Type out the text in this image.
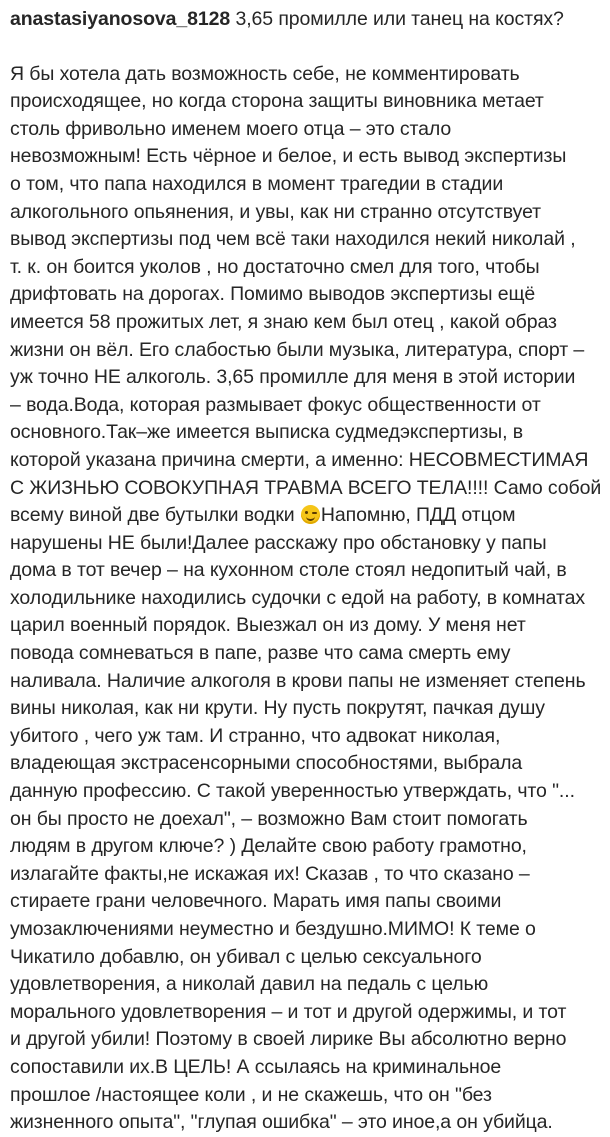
anastasiyanosova_8128 3,65 промилле или танец на костях?
Я бы хотела дать возможность себе, не комментировать
происходящее, но когда сторона защиты виновника метает
столь фривольно именем моего отца – это стало
невозможным! Есть чёрное и белое, и есть вывод экспертизы
о том, что папа находился в момент трагедии в стадии
алкогольного опьянения, и увы, как ни странно отсутствует
вывод экспертизы под чем всё таки находился некий николай ,
т. к. он боится уколов , но достаточно смел для того, чтобы
дрифтовать на дорогах. Помимо выводов экспертизы ещё
имеется 58 прожитых лет, я знаю кем был отец , какой образ
жизни он вёл. Его слабостью были музыка, литература, спорт –
уж точно НЕ алкоголь. 3,65 промилле для меня в этой истории
– вода.Вода, которая размывает фокус общественности от
основного.Так–же имеется выписка судмедэкспертизы, в
которой указана причина смерти, а именно: НЕСОВМЕСТИМАЯ
С ЖИЗНЬЮ СОВОКУПНАЯ ТРАВМА ВСЕГО ТЕЛА!!!! Само собой
всему виной две бутылки водки
Напомню, ПДД отцом
нарушены НЕ были!Далее расскажу про обстановку у папы
дома в тот вечер – на кухонном столе стоял недопитый чай, в
холодильнике находились судочки с едой на работу, в комнатах
царил военный порядок. Выезжал он из дому. У меня нет
повода сомневаться в папе, разве что сама смерть ему
наливала. Наличие алкоголя в крови папы не изменяет степень
вины николая, как ни крути. Ну пусть покрутят, пачкая душу
убитого , чего уж там. И странно, что адвокат николая,
владеющая экстрасенсорными способностями, выбрала
данную профессию. С такой уверенностью утверждать, что "...
он бы просто не доехал", – возможно Вам стоит помогать
людям в другом ключе? ) Делайте свою работу грамотно,
излагайте факты,не искажая их! Сказав , то что сказано –
стираете грани человечного. Марать имя папы своими
умозаключениями неуместно и бездушно.МИМО! К теме о
Чикатило добавлю, он убивал с целью сексуального
удовлетворения, а николай давил на педаль с целью
морального удовлетворения – и тот и другой одержимы, и тот
и другой убили! Поэтому в своей лирике Вы абсолютно верно
сопоставили их.В ЦЕЛЬ! А ссылаясь на криминальное
прошлое /настоящее коли , и не скажешь, что он "без
жизненного опыта", "глупая ошибка" – это иное,а он убийца.
